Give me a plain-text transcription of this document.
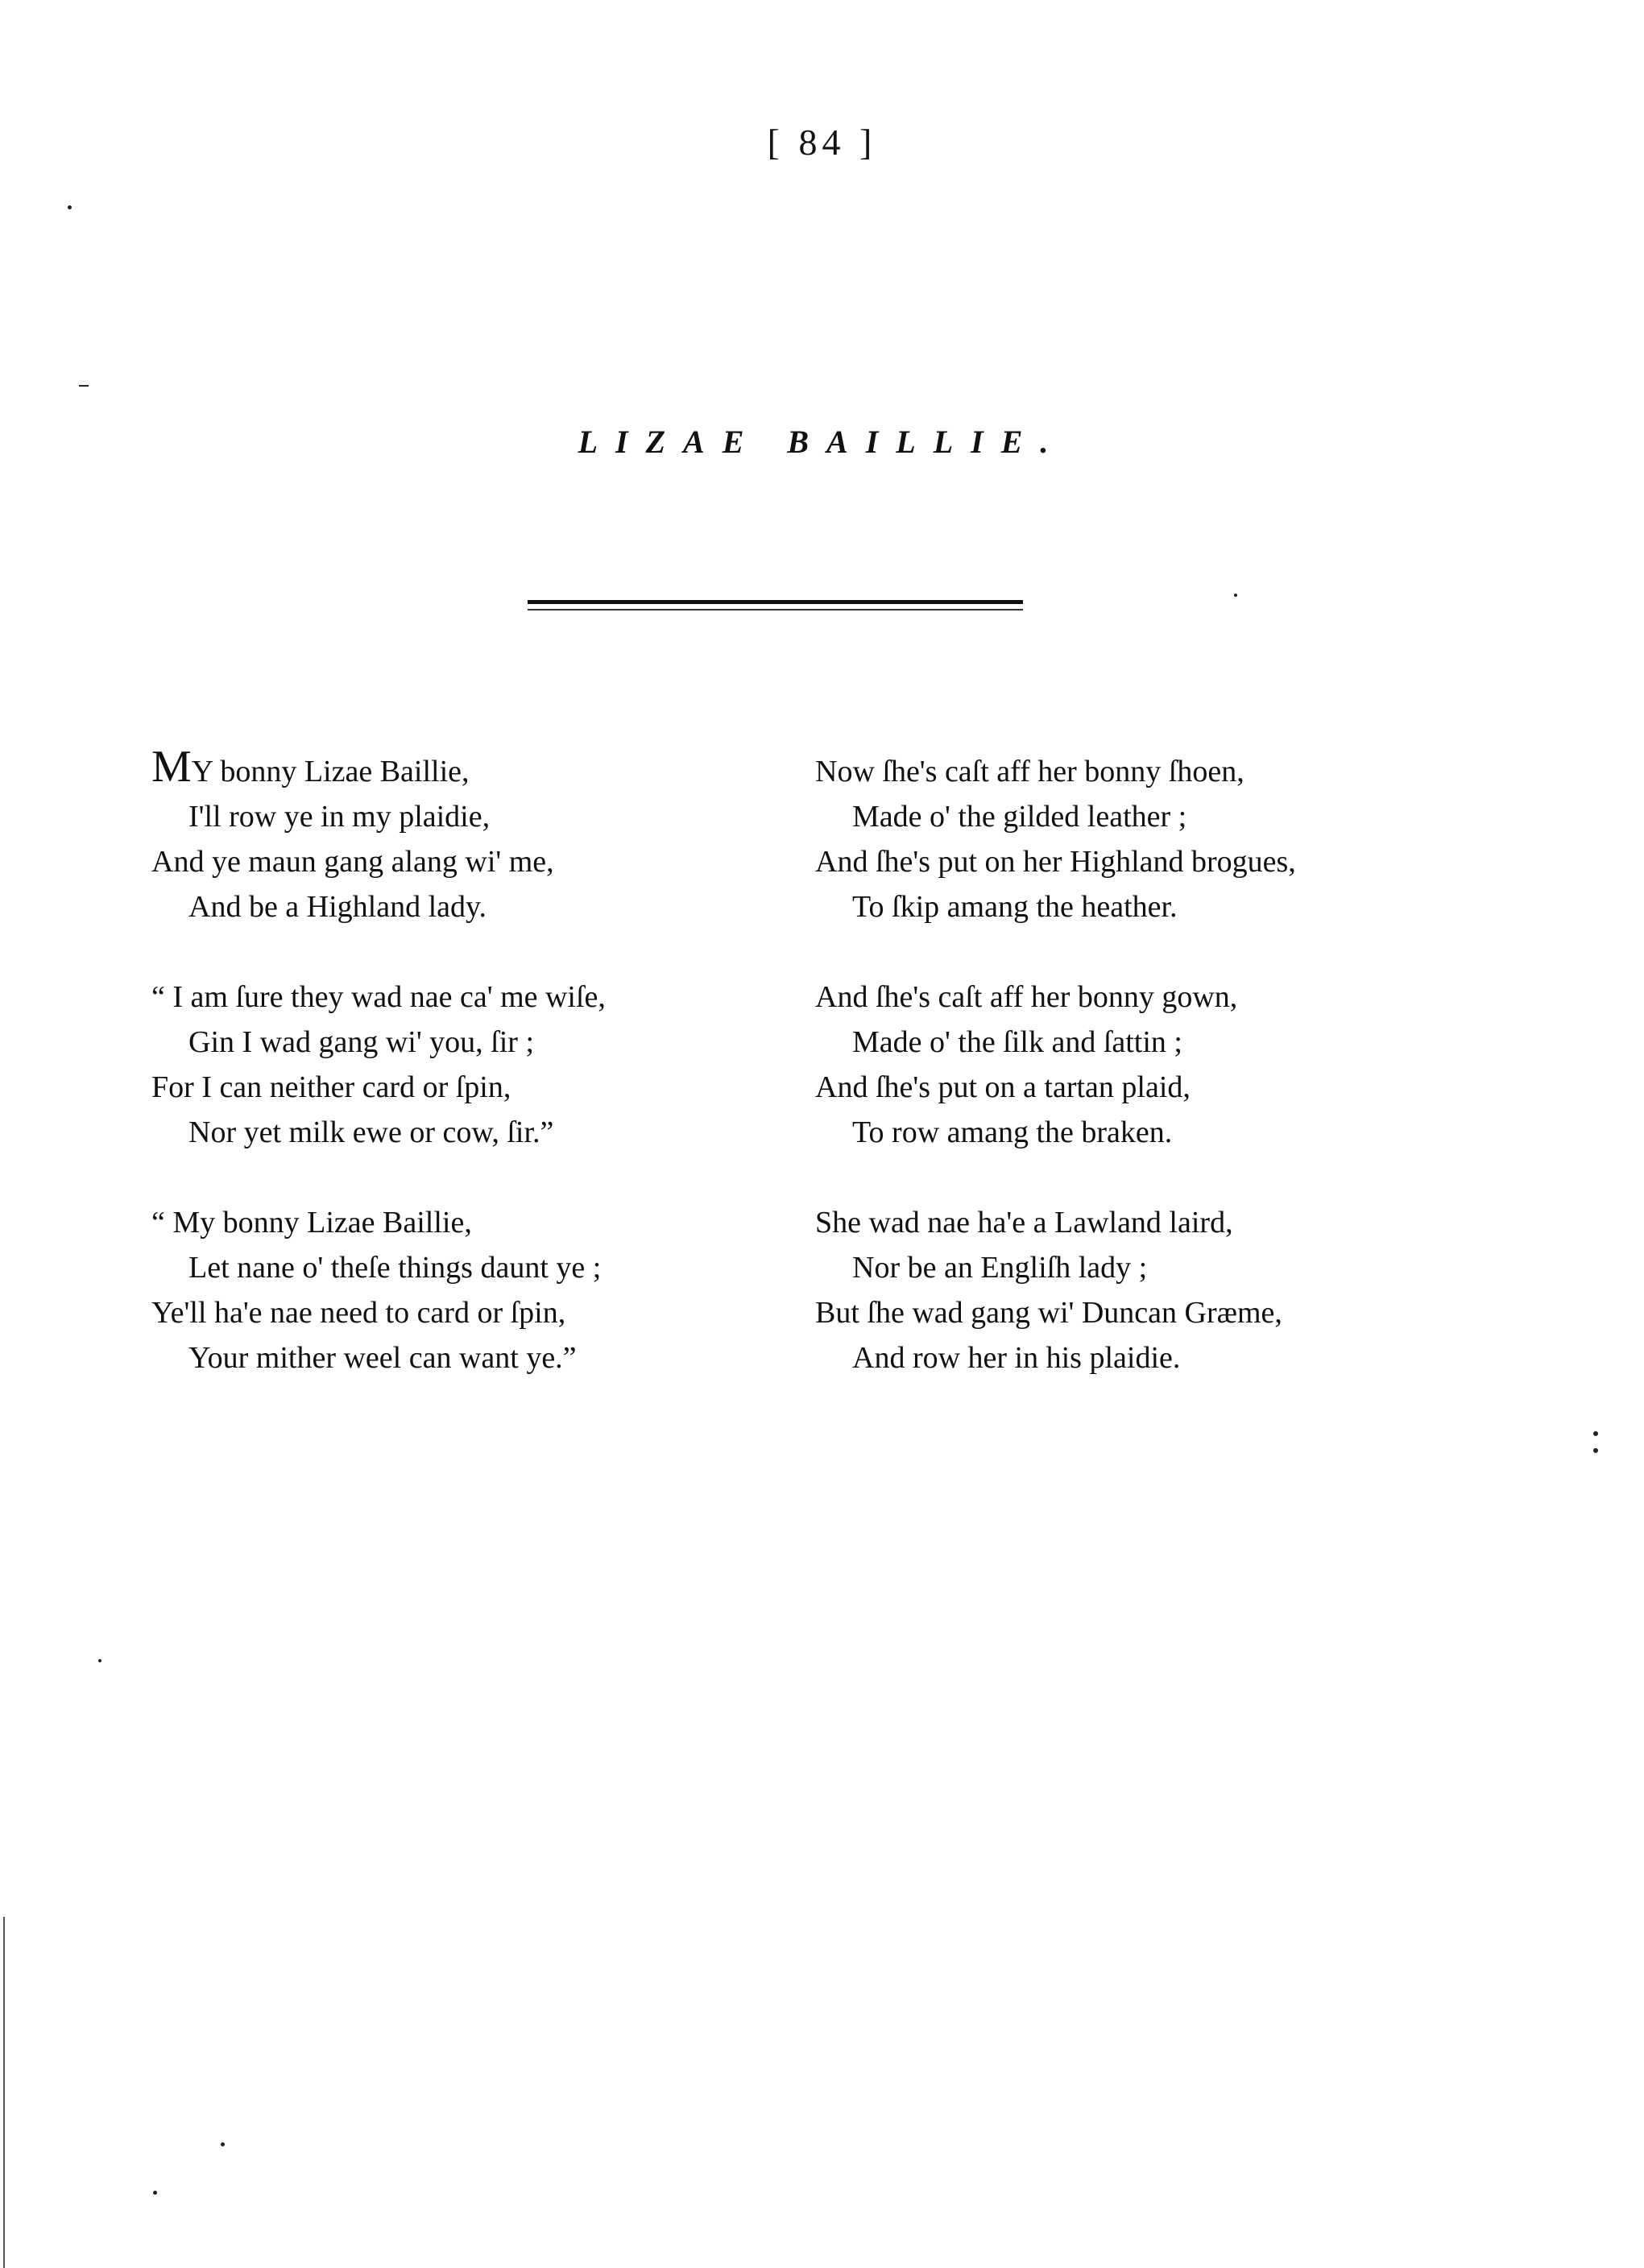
[ 84 ]
LIZAE BAILLIE.
MY bonny Lizae Baillie,
I'll row ye in my plaidie,
And ye maun gang alang wi' me,
And be a Highland lady.
“ I am ſure they wad nae ca' me wiſe,
Gin I wad gang wi' you, ſir ;
For I can neither card or ſpin,
Nor yet milk ewe or cow, ſir.”
“ My bonny Lizae Baillie,
Let nane o' theſe things daunt ye ;
Ye'll ha'e nae need to card or ſpin,
Your mither weel can want ye.”
Now ſhe's caſt aff her bonny ſhoen,
Made o' the gilded leather ;
And ſhe's put on her Highland brogues,
To ſkip amang the heather.
And ſhe's caſt aff her bonny gown,
Made o' the ſilk and ſattin ;
And ſhe's put on a tartan plaid,
To row amang the braken.
She wad nae ha'e a Lawland laird,
Nor be an Engliſh lady ;
But ſhe wad gang wi' Duncan Græme,
And row her in his plaidie.
